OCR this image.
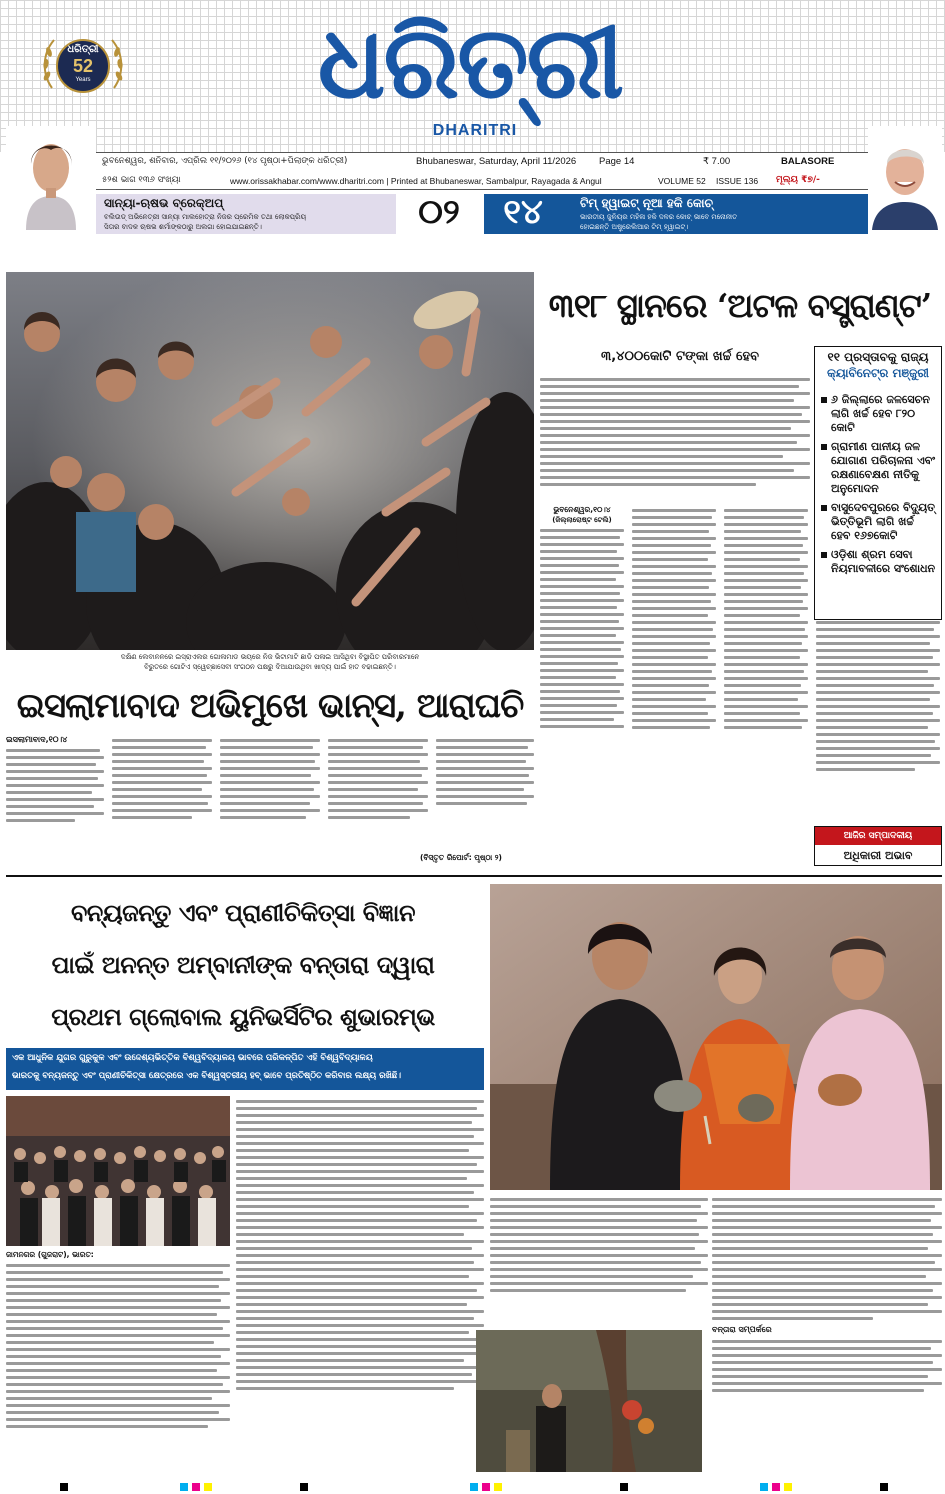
ଧରିତ୍ରୀ
52
Years	ଧରିତ୍ରୀ
DHARITRI
ଭୁବନେଶ୍ୱର, ଶନିବାର, ଏପ୍ରିଲ ୧୧/୨୦୨୬ (୧୪ ପୃଷ୍ଠା+ପିଲାଙ୍କ ଧରିତ୍ରୀ)	Bhubaneswar, Saturday, April 11/2026 Page 14	₹ 7.00	BALASORE
୫୨ଶ ଭାଗ ୧୩୬ ସଂଖ୍ୟା	www.orissakhabar.com/www.dharitri.com | Printed at Bhubaneswar, Sambalpur, Rayagada & Angul	VOLUME 52 ISSUE 136 ମୂଲ୍ୟ ₹୭/-
ସାନ୍ୟା-ଋଷଭ ବ୍ରେକ୍‌ଅପ୍‌
ବଲିଉଡ୍‌ ଅଭିନେତ୍ରୀ ସାନ୍ୟା ମାଲହୋତ୍ରା ନିଜର ପ୍ରେମିକ ତଥା ଲୋକପ୍ରିୟ
ସିତାର ବାଦକ ଋଷଭ ଶର୍ମାଙ୍କଠାରୁ ଅଲଗା ହୋଇଯାଇଛନ୍ତି।	୦୨	୧୪	ଟିମ୍‌ ହ୍ୱାଇଟ୍‌ ନୂଆ ହକି କୋଚ୍‌
ଭାରତୀୟ ଜୁନିୟର ମହିଳା ହକି ଦଳର କୋଚ୍‌ ଭାବେ ମନୋନୀତ
ହୋଇଛନ୍ତି ଅଷ୍ଟ୍ରେଲିଆର ଟିମ୍‌ ହ୍ୱାଇଟ୍‌।
ଦକ୍ଷିଣ ଲେବାନନରେ ଇସ୍ରାଏଲର ଗୋଳାମାଡ ଭୟରେ ନିଜ ଭିଟାମାଟି ଛାଡି ପଳାଇ ଆସିଥିବା ବିସ୍ଥାପିତ ପରିବାରମାନେ
ବିରୁତରେ ଗୋଟିଏ ସ୍ୱେଚ୍ଛାସେବୀ ସଂଗଠନ ପକ୍ଷରୁ ଦିଆଯାଉଥିବା ଖାଦ୍ୟ ପାଇଁ ହାତ ବଢାଇଛନ୍ତି।
ଇସଲାମାବାଦ ଅଭିମୁଖେ ଭାନ୍ସ, ଆରାଘଚି
ଇସଲାମାବାଦ,୧୦।୪
(ବିସ୍ତୃତ ରିପୋର୍ଟ: ପୃଷ୍ଠା ୨)
୩୧୮ ସ୍ଥାନରେ ‘ଅଟଳ ବସ୍ତ୍ରାଣ୍ଟ’
୩,୪୦୦କୋଟି ଟଙ୍କା ଖର୍ଚ୍ଚ ହେବ	୧୧ ପ୍ରସ୍ତାବକୁ ରାଜ୍ୟ
କ୍ୟାବିନେଟ୍‌ର ମଞ୍ଜୁରୀ
୬ ଜିଲ୍ଲାରେ ଜଳସେଚନ ଲାଗି ଖର୍ଚ୍ଚ ହେବ ୮୨୦ କୋଟି
ଗ୍ରାମୀଣ ପାନୀୟ ଜଳ ଯୋଗାଣ ପରିଚାଳନା ଏବଂ ରକ୍ଷଣାବେକ୍ଷଣ ନୀତିକୁ ଅନୁମୋଦନ
ବାସୁଦେବପୁରରେ ବିଦ୍ୟୁତ୍‌ ଭିତ୍ତିଭୂମି ଲାଗି ଖର୍ଚ୍ଚ ହେବ ୧୬୭କୋଟି
ଓଡ଼ିଶା ଶ୍ରମ ସେବା ନିୟମାବଳୀରେ ସଂଶୋଧନ
ଭୁବନେଶ୍ୱର,୧୦।୪
(ଜିଲ୍ଲାରୋଷ୍ଟ ଟେଲି)
ଆଜିର ସମ୍ପାଦକୀୟ
ଅଧିକାରୀ ଅଭାବ
ବନ୍ୟଜନ୍ତୁ ଏବଂ ପ୍ରାଣୀଚିକିତ୍ସା ବିଜ୍ଞାନ
ପାଇଁ ଅନନ୍ତ ଅମ୍ବାନୀଙ୍କ ବନ୍ତାରା ଦ୍ୱାରା
ପ୍ରଥମ ଗ୍ଲୋବାଲ ୟୁନିଭର୍ସିଟିର ଶୁଭାରମ୍ଭ
ଏକ ଆଧୁନିକ ଯୁଗର ଗୁରୁକୁଳ ଏବଂ ଉଦ୍ଦେଶ୍ୟଭିତ୍ତିକ ବିଶ୍ୱବିଦ୍ୟାଳୟ ଭାବରେ ପରିକଳ୍ପିତ ଏହି ବିଶ୍ୱବିଦ୍ୟାଳୟ
ଭାରତକୁ ବନ୍ୟଜନ୍ତୁ ଏବଂ ପ୍ରାଣୀଚିକିତ୍ସା କ୍ଷେତ୍ରରେ ଏକ ବିଶ୍ୱସ୍ତରୀୟ ହବ୍‌ ଭାବେ ପ୍ରତିଷ୍ଠିତ କରିବାର ଲକ୍ଷ୍ୟ ରଖିଛି।
ଜାମନଗର (ଗୁଜରାଟ), ଭାରତ:
ବନ୍ତାରା ସମ୍ପର୍କରେ
